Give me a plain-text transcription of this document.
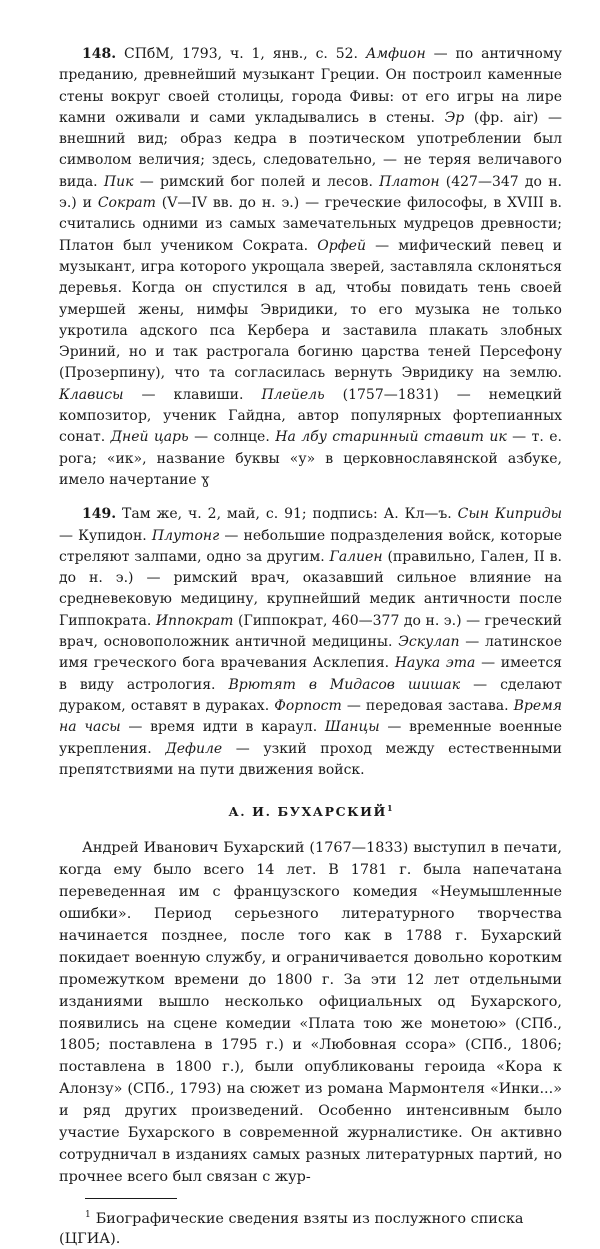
148. СПбМ, 1793, ч. 1, янв., с. 52. Амфион — по античному преданию, древнейший музыкант Греции. Он построил каменные стены вокруг своей столицы, города Фивы: от его игры на лире камни оживали и сами укладывались в стены. Эр (фр. air) — внешний вид; образ кедра в поэтическом употреблении был символом величия; здесь, следовательно, — не теряя величавого вида. Пик — римский бог полей и лесов. Платон (427—347 до н. э.) и Сократ (V—IV вв. до н. э.) — греческие философы, в XVIII в. считались одними из самых замечательных мудрецов древности; Платон был учеником Сократа. Орфей — мифический певец и музыкант, игра которого укрощала зверей, заставляла склоняться деревья. Когда он спустился в ад, чтобы повидать тень своей умершей жены, нимфы Эвридики, то его музыка не только укротила адского пса Кербера и заставила плакать злобных Эриний, но и так растрогала богиню царства теней Персефону (Прозерпину), что та согласилась вернуть Эвридику на землю. Клависы — клавиши. Плейель (1757—1831) — немецкий композитор, ученик Гайдна, автор популярных фортепианных сонат. Дней царь — солнце. На лбу старинный ставит ик — т. е. рога; «ик», название буквы «у» в церковнославянской азбуке, имело начертание ɣ

149. Там же, ч. 2, май, с. 91; подпись: А. Кл—ъ. Сын Киприды — Купидон. Плутонг — небольшие подразделения войск, которые стреляют залпами, одно за другим. Галиен (правильно, Гален, II в. до н. э.) — римский врач, оказавший сильное влияние на средневековую медицину, крупнейший медик античности после Гиппократа. Иппократ (Гиппократ, 460—377 до н. э.) — греческий врач, основоположник античной медицины. Эскулап — латинское имя греческого бога врачевания Асклепия. Наука эта — имеется в виду астрология. Врютят в Мидасов шишак — сделают дураком, оставят в дураках. Форпост — передовая застава. Время на часы — время идти в караул. Шанцы — временные военные укрепления. Дефиле — узкий проход между естественными препятствиями на пути движения войск.

А. И. БУХАРСКИЙ$^1$

Андрей Иванович Бухарский (1767—1833) выступил в печати, когда ему было всего 14 лет. В 1781 г. была напечатана переведенная им с французского комедия «Неумышленные ошибки». Период серьезного литературного творчества начинается позднее, после того как в 1788 г. Бухарский покидает военную службу, и ограничивается довольно коротким промежутком времени до 1800 г. За эти 12 лет отдельными изданиями вышло несколько официальных од Бухарского, появились на сцене комедии «Плата тою же монетою» (СПб., 1805; поставлена в 1795 г.) и «Любовная ссора» (СПб., 1806; поставлена в 1800 г.), были опубликованы героида «Кора к Алонзу» (СПб., 1793) на сюжет из романа Мармонтеля «Инки...» и ряд других произведений. Особенно интенсивным было участие Бухарского в современной журналистике. Он активно сотрудничал в изданиях самых разных литературных партий, но прочнее всего был связан с жур-

$^1$ Биографические сведения взяты из послужного списка (ЦГИА).
